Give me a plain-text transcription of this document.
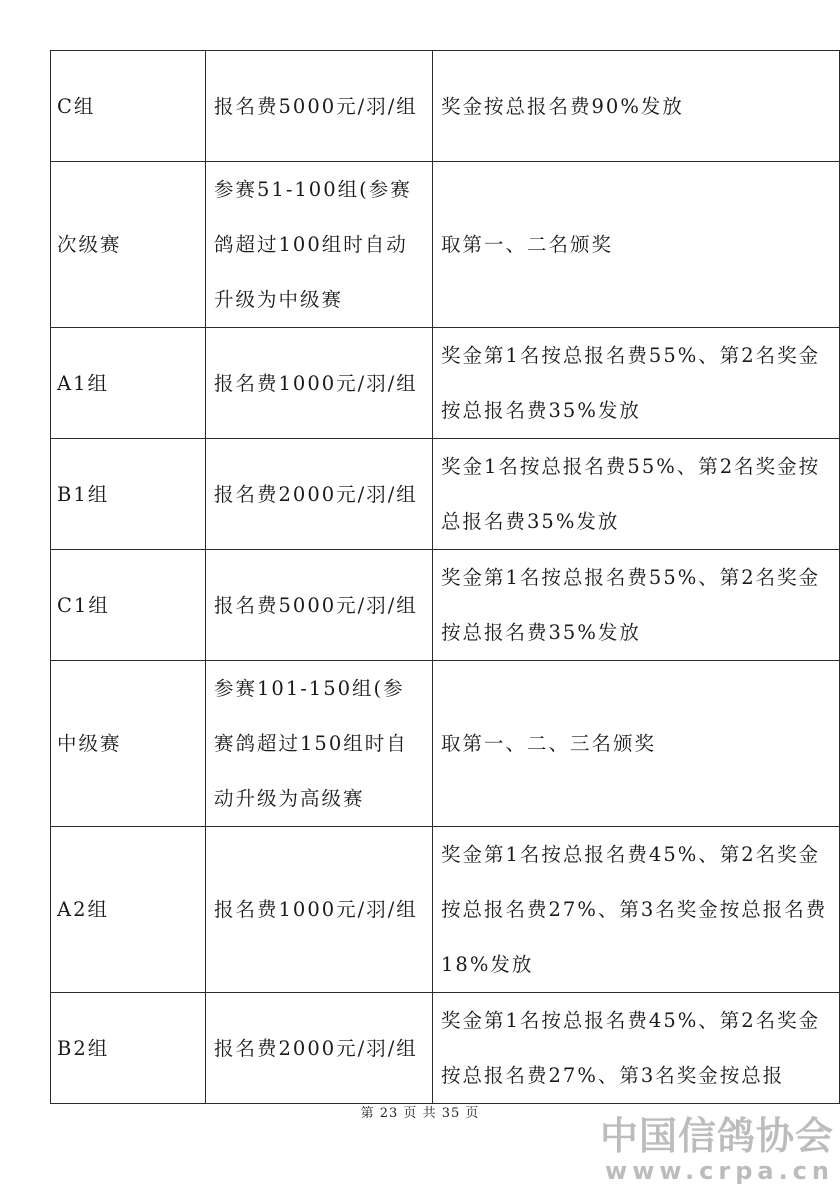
C组	报名费5000元/羽/组	奖金按总报名费90%发放
次级赛	参赛51-100组(参赛鸽超过100组时自动升级为中级赛	取第一、二名颁奖
A1组	报名费1000元/羽/组	奖金第1名按总报名费55%、第2名奖金按总报名费35%发放
B1组	报名费2000元/羽/组	奖金1名按总报名费55%、第2名奖金按总报名费35%发放
C1组	报名费5000元/羽/组	奖金第1名按总报名费55%、第2名奖金按总报名费35%发放
中级赛	参赛101-150组(参赛鸽超过150组时自动升级为高级赛	取第一、二、三名颁奖
A2组	报名费1000元/羽/组	奖金第1名按总报名费45%、第2名奖金按总报名费27%、第3名奖金按总报名费18%发放
B2组	报名费2000元/羽/组	奖金第1名按总报名费45%、第2名奖金按总报名费27%、第3名奖金按总报
第 23 页 共 35 页
中国信鸽协会
www.crpa.cn
